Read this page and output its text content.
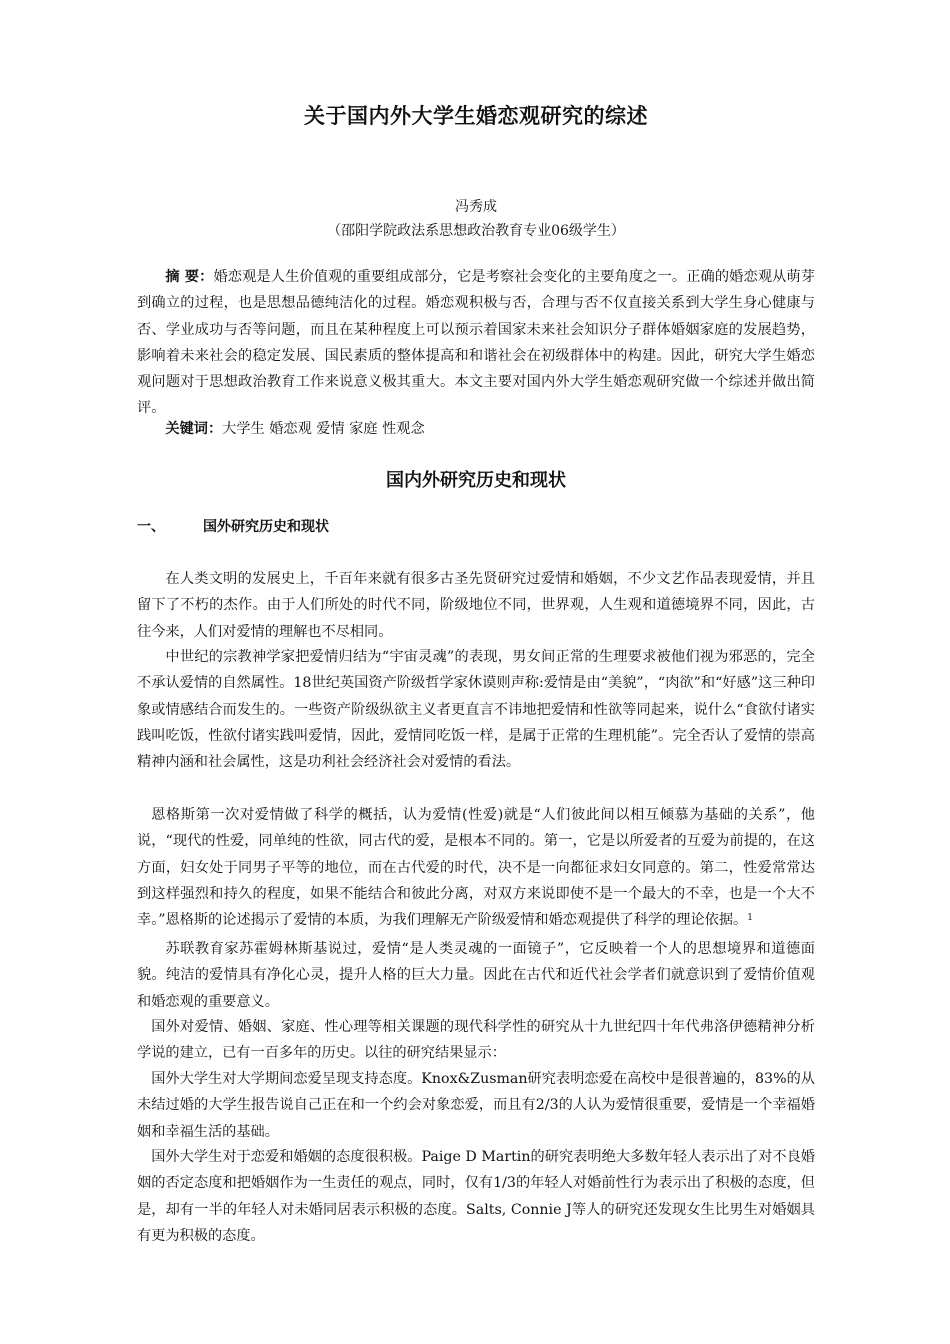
关于国内外大学生婚恋观研究的综述
冯秀成
（邵阳学院政法系思想政治教育专业06级学生）

摘 要：婚恋观是人生价值观的重要组成部分，它是考察社会变化的主要角度之一。正确的婚恋观从萌芽到确立的过程，也是思想品德纯洁化的过程。婚恋观积极与否，合理与否不仅直接关系到大学生身心健康与否、学业成功与否等问题，而且在某种程度上可以预示着国家未来社会知识分子群体婚姻家庭的发展趋势，影响着未来社会的稳定发展、国民素质的整体提高和和谐社会在初级群体中的构建。因此，研究大学生婚恋观问题对于思想政治教育工作来说意义极其重大。本文主要对国内外大学生婚恋观研究做一个综述并做出简评。

关键词：大学生 婚恋观 爱情 家庭 性观念
国内外研究历史和现状
一、	国外研究历史和现状

在人类文明的发展史上，千百年来就有很多古圣先贤研究过爱情和婚姻，不少文艺作品表现爱情，并且留下了不朽的杰作。由于人们所处的时代不同，阶级地位不同，世界观，人生观和道德境界不同，因此，古往今来，人们对爱情的理解也不尽相同。

中世纪的宗教神学家把爱情归结为“宇宙灵魂”的表现，男女间正常的生理要求被他们视为邪恶的，完全不承认爱情的自然属性。18世纪英国资产阶级哲学家休谟则声称:爱情是由“美貌”，“肉欲”和“好感”这三种印象或情感结合而发生的。一些资产阶级纵欲主义者更直言不讳地把爱情和性欲等同起来，说什么“食欲付诸实践叫吃饭，性欲付诸实践叫爱情，因此，爱情同吃饭一样，是属于正常的生理机能”。完全否认了爱情的崇高精神内涵和社会属性，这是功利社会经济社会对爱情的看法。

恩格斯第一次对爱情做了科学的概括，认为爱情(性爱)就是“人们彼此间以相互倾慕为基础的关系”，他说，“现代的性爱，同单纯的性欲，同古代的爱，是根本不同的。第一，它是以所爱者的互爱为前提的，在这方面，妇女处于同男子平等的地位，而在古代爱的时代，决不是一向都征求妇女同意的。第二，性爱常常达到这样强烈和持久的程度，如果不能结合和彼此分离，对双方来说即使不是一个最大的不幸，也是一个大不幸。”恩格斯的论述揭示了爱情的本质，为我们理解无产阶级爱情和婚恋观提供了科学的理论依据。$^1$

苏联教育家苏霍姆林斯基说过，爱情“是人类灵魂的一面镜子”，它反映着一个人的思想境界和道德面貌。纯洁的爱情具有净化心灵，提升人格的巨大力量。因此在古代和近代社会学者们就意识到了爱情价值观和婚恋观的重要意义。

国外对爱情、婚姻、家庭、性心理等相关课题的现代科学性的研究从十九世纪四十年代弗洛伊德精神分析学说的建立，已有一百多年的历史。以往的研究结果显示：

国外大学生对大学期间恋爱呈现支持态度。Knox&Zusman研究表明恋爱在高校中是很普遍的，83%的从未结过婚的大学生报告说自己正在和一个约会对象恋爱，而且有2/3的人认为爱情很重要，爱情是一个幸福婚姻和幸福生活的基础。

国外大学生对于恋爱和婚姻的态度很积极。Paige D Martin的研究表明绝大多数年轻人表示出了对不良婚姻的否定态度和把婚姻作为一生责任的观点，同时，仅有1/3的年轻人对婚前性行为表示出了积极的态度，但是，却有一半的年轻人对未婚同居表示积极的态度。Salts, Connie J等人的研究还发现女生比男生对婚姻具有更为积极的态度。
